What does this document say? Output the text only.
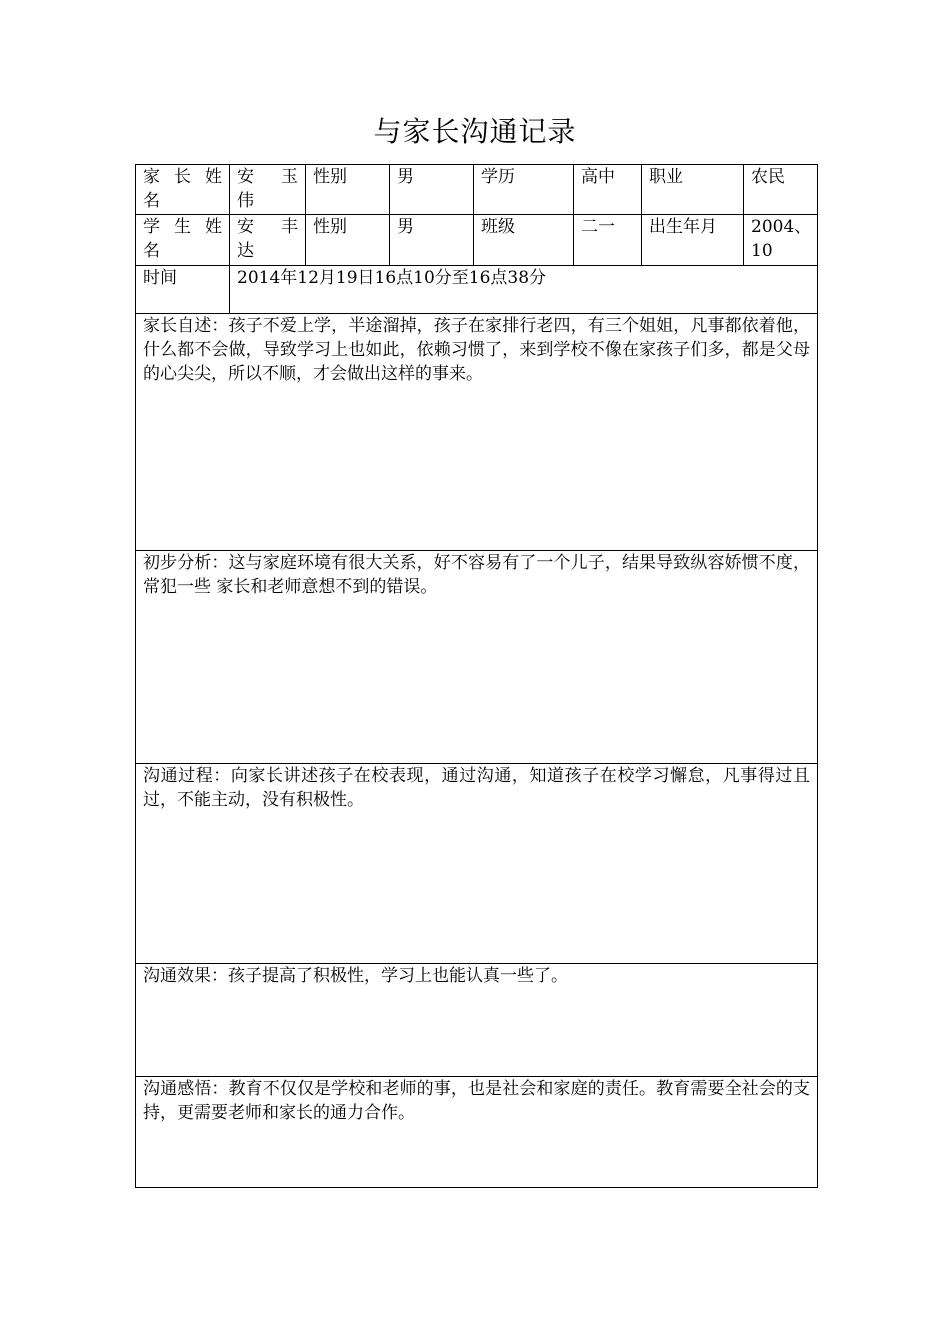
与家长沟通记录
家 长 姓 名	安 玉 伟	性别	男	学历	高中	职业	农民
学 生 姓 名	安 丰 达	性别	男	班级	二一	出生年月	2004、10
时间	2014年12月19日16点10分至16点38分						
家长自述：孩子不爱上学，半途溜掉，孩子在家排行老四，有三个姐姐，凡事都依着他，什么都不会做，导致学习上也如此，依赖习惯了，来到学校不像在家孩子们多，都是父母的心尖尖，所以不顺，才会做出这样的事来。							
初步分析：这与家庭环境有很大关系，好不容易有了一个儿子，结果导致纵容娇惯不度，常犯一些 家长和老师意想不到的错误。							
沟通过程：向家长讲述孩子在校表现，通过沟通，知道孩子在校学习懈怠，凡事得过且过，不能主动，没有积极性。							
沟通效果：孩子提高了积极性，学习上也能认真一些了。							
沟通感悟：教育不仅仅是学校和老师的事，也是社会和家庭的责任。教育需要全社会的支持，更需要老师和家长的通力合作。							
